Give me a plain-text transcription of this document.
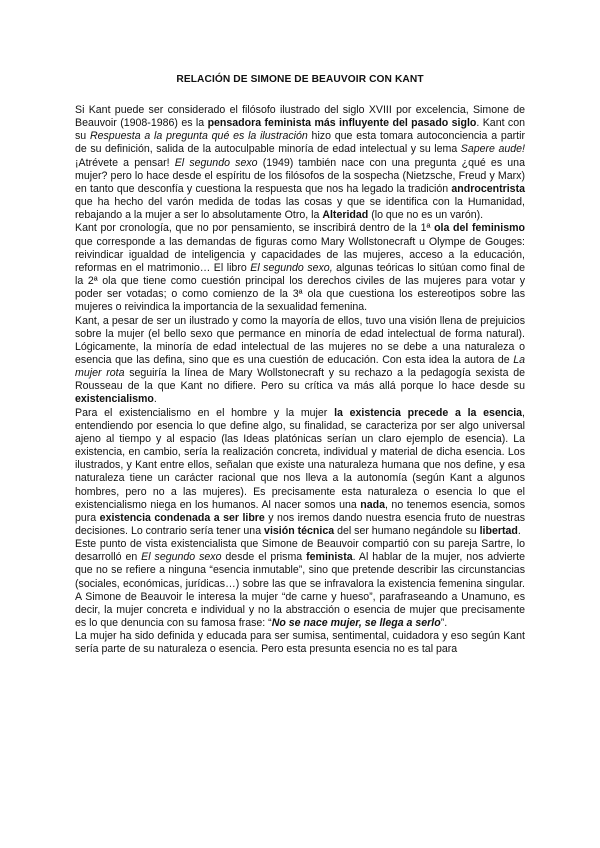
RELACIÓN DE SIMONE DE BEAUVOIR CON KANT

Si Kant puede ser considerado el filósofo ilustrado del siglo XVIII por excelencia, Simone de Beauvoir (1908-1986) es la pensadora feminista más influyente del pasado siglo. Kant con su Respuesta a la pregunta qué es la ilustración hizo que esta tomara autoconciencia a partir de su definición, salida de la autoculpable minoría de edad intelectual y su lema Sapere aude! ¡Atrévete a pensar! El segundo sexo (1949) también nace con una pregunta ¿qué es una mujer? pero lo hace desde el espíritu de los filósofos de la sospecha (Nietzsche, Freud y Marx) en tanto que desconfía y cuestiona la respuesta que nos ha legado la tradición androcentrista que ha hecho del varón medida de todas las cosas y que se identifica con la Humanidad, rebajando a la mujer a ser lo absolutamente Otro, la Alteridad (lo que no es un varón).

Kant por cronología, que no por pensamiento, se inscribirá dentro de la 1ª ola del feminismo que corresponde a las demandas de figuras como Mary Wollstonecraft u Olympe de Gouges: reivindicar igualdad de inteligencia y capacidades de las mujeres, acceso a la educación, reformas en el matrimonio… El libro El segundo sexo, algunas teóricas lo sitúan como final de la 2ª ola que tiene como cuestión principal los derechos civiles de las mujeres para votar y poder ser votadas; o como comienzo de la 3ª ola que cuestiona los estereotipos sobre las mujeres o reivindica la importancia de la sexualidad femenina.

Kant, a pesar de ser un ilustrado y como la mayoría de ellos, tuvo una visión llena de prejuicios sobre la mujer (el bello sexo que permance en minoría de edad intelectual de forma natural). Lógicamente, la minoría de edad intelectual de las mujeres no se debe a una naturaleza o esencia que las defina, sino que es una cuestión de educación. Con esta idea la autora de La mujer rota seguiría la línea de Mary Wollstonecraft y su rechazo a la pedagogía sexista de Rousseau de la que Kant no difiere. Pero su crítica va más allá porque lo hace desde su existencialismo.

Para el existencialismo en el hombre y la mujer la existencia precede a la esencia, entendiendo por esencia lo que define algo, su finalidad, se caracteriza por ser algo universal ajeno al tiempo y al espacio (las Ideas platónicas serían un claro ejemplo de esencia). La existencia, en cambio, sería la realización concreta, individual y material de dicha esencia. Los ilustrados, y Kant entre ellos, señalan que existe una naturaleza humana que nos define, y esa naturaleza tiene un carácter racional que nos lleva a la autonomía (según Kant a algunos hombres, pero no a las mujeres). Es precisamente esta naturaleza o esencia lo que el existencialismo niega en los humanos. Al nacer somos una nada, no tenemos esencia, somos pura existencia condenada a ser libre y nos iremos dando nuestra esencia fruto de nuestras decisiones. Lo contrario sería tener una visión técnica del ser humano negándole su libertad.

Este punto de vista existencialista que Simone de Beauvoir compartió con su pareja Sartre, lo desarrolló en El segundo sexo desde el prisma feminista. Al hablar de la mujer, nos advierte que no se refiere a ninguna “esencia inmutable”, sino que pretende describir las circunstancias (sociales, económicas, jurídicas…) sobre las que se infravalora la existencia femenina singular. A Simone de Beauvoir le interesa la mujer “de carne y hueso”, parafraseando a Unamuno, es decir, la mujer concreta e individual y no la abstracción o esencia de mujer que precisamente es lo que denuncia con su famosa frase: “No se nace mujer, se llega a serlo”.

La mujer ha sido definida y educada para ser sumisa, sentimental, cuidadora y eso según Kant sería parte de su naturaleza o esencia. Pero esta presunta esencia no es tal para
